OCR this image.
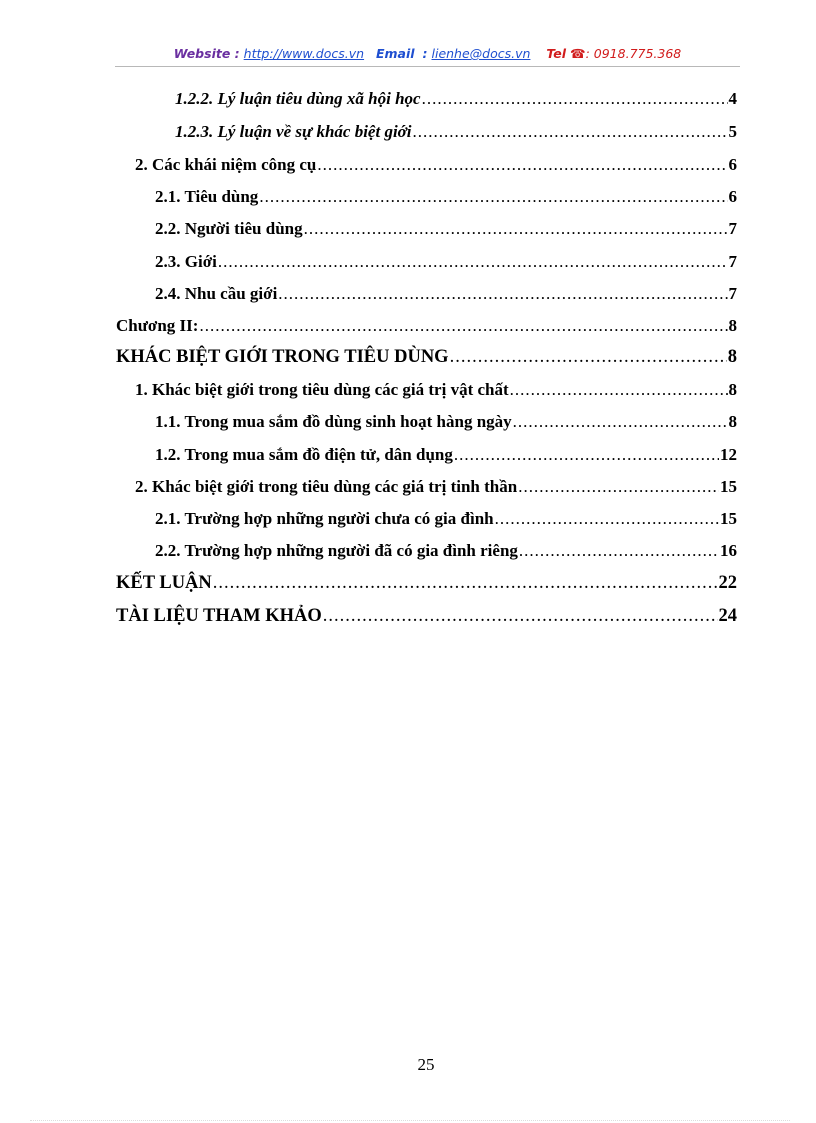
Website : http://www.docs.vn Email : lienhe@docs.vn Tel ☎: 0918.775.368
1.2.2. Lý luận tiêu dùng xã hội học .....	4
1.2.3. Lý luận về sự khác biệt giới .....	5
2. Các khái niệm công cụ .....	6
2.1. Tiêu dùng .....	6
2.2. Người tiêu dùng .....	7
2.3. Giới .....	7
2.4. Nhu cầu giới .....	7
Chương II: .....	8
KHÁC BIỆT GIỚI TRONG TIÊU DÙNG .....	8
1. Khác biệt giới trong tiêu dùng các giá trị vật chất .....	8
1.1. Trong mua sắm đồ dùng sinh hoạt hàng ngày .....	8
1.2. Trong mua sắm đồ điện tử, dân dụng .....	12
2. Khác biệt giới trong tiêu dùng các giá trị tinh thần .....	15
2.1. Trường hợp những người chưa có gia đình .....	15
2.2. Trường hợp những người đã có gia đình riêng .....	16
KẾT LUẬN .....	22
TÀI LIỆU THAM KHẢO .....	24
25
